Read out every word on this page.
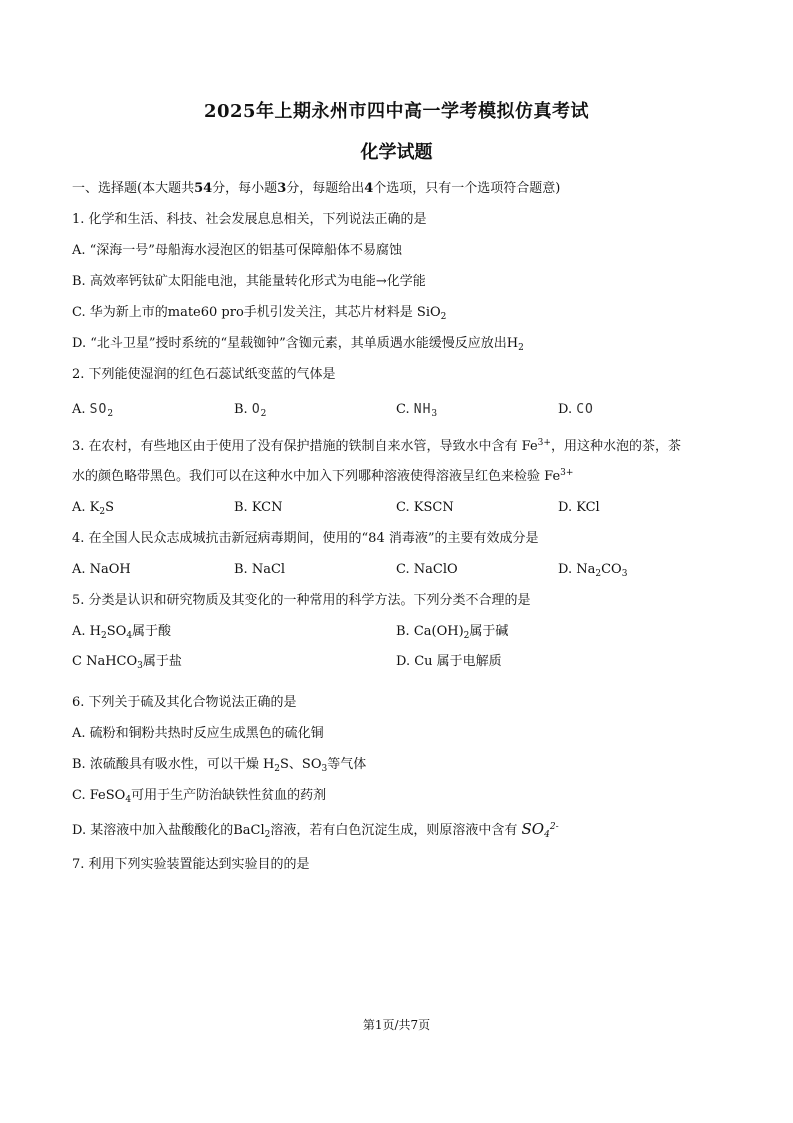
2025年上期永州市四中高一学考模拟仿真考试
化学试题
一、选择题(本大题共54分，每小题3分，每题给出4个选项，只有一个选项符合题意)
1. 化学和生活、科技、社会发展息息相关，下列说法正确的是
A. “深海一号”母船海水浸泡区的铝基可保障船体不易腐蚀
B. 高效率钙钛矿太阳能电池，其能量转化形式为电能→化学能
C. 华为新上市的mate60 pro手机引发关注，其芯片材料是 SiO$_2$
D. “北斗卫星”授时系统的“星载铷钟”含铷元素，其单质遇水能缓慢反应放出$H_2$
2. 下列能使湿润的红色石蕊试纸变蓝的气体是
A. $SO_2$	B. $O_2$	C. $NH_3$	D. CO
3. 在农村，有些地区由于使用了没有保护措施的铁制自来水管，导致水中含有 $Fe^{3+}$，用这种水泡的茶，茶
水的颜色略带黑色。我们可以在这种水中加入下列哪种溶液使得溶液呈红色来检验 $Fe^{3+}$
A. $K_2S$	B. KCN	C. KSCN	D. KCl
4. 在全国人民众志成城抗击新冠病毒期间，使用的“84 消毒液”的主要有效成分是
A. NaOH	B. NaCl	C. NaClO	D. $Na_2CO_3$
5. 分类是认识和研究物质及其变化的一种常用的科学方法。下列分类不合理的是
A. $H_2SO_4$属于酸	B. $Ca(OH)_2$属于碱
C NaHCO$_3$属于盐	D. Cu 属于电解质
6. 下列关于硫及其化合物说法正确的是
A. 硫粉和铜粉共热时反应生成黑色的硫化铜
B. 浓硫酸具有吸水性，可以干燥 $H_2S$、$SO_3$等气体
C. FeSO$_4$可用于生产防治缺铁性贫血的药剂
D. 某溶液中加入盐酸酸化的BaCl$_2$溶液，若有白色沉淀生成，则原溶液中含有 $SO_4^{2-}$
7. 利用下列实验装置能达到实验目的的是
第1页/共7页
